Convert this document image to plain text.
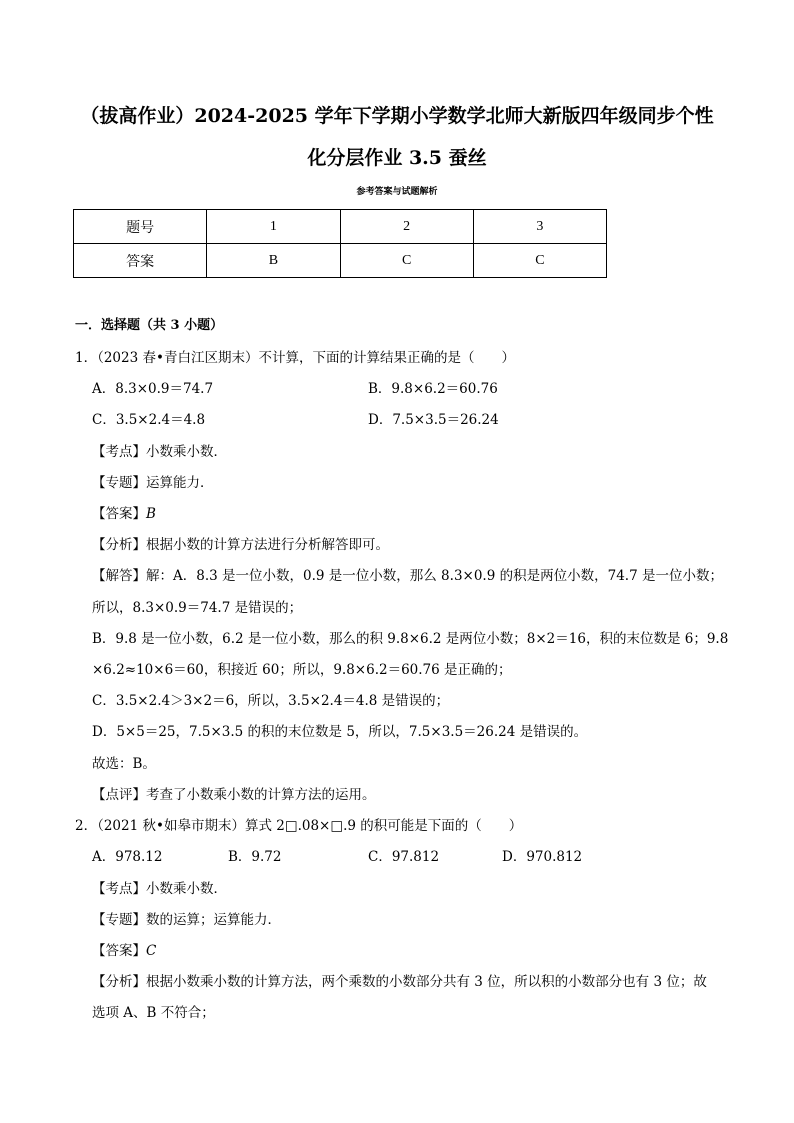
（拔高作业）2024-2025 学年下学期小学数学北师大新版四年级同步个性
化分层作业 3.5 蚕丝
参考答案与试题解析
题号	1	2	3
答案	B	C	C
一．选择题（共 3 小题）
1．（2023 春•青白江区期末）不计算，下面的计算结果正确的是（　　）
A．8.3×0.9＝74.7	B．9.8×6.2＝60.76
C．3.5×2.4＝4.8	D．7.5×3.5＝26.24
【考点】小数乘小数．
【专题】运算能力．
【答案】B
【分析】根据小数的计算方法进行分析解答即可。
【解答】解：A．8.3 是一位小数，0.9 是一位小数，那么 8.3×0.9 的积是两位小数，74.7 是一位小数；
所以，8.3×0.9＝74.7 是错误的；
B．9.8 是一位小数，6.2 是一位小数，那么的积 9.8×6.2 是两位小数；8×2＝16，积的末位数是 6；9.8
×6.2≈10×6＝60，积接近 60；所以，9.8×6.2＝60.76 是正确的；
C．3.5×2.4＞3×2＝6，所以，3.5×2.4＝4.8 是错误的；
D．5×5＝25，7.5×3.5 的积的末位数是 5，所以，7.5×3.5＝26.24 是错误的。
故选：B。
【点评】考查了小数乘小数的计算方法的运用。
2．（2021 秋•如皋市期末）算式 2□.08×□.9 的积可能是下面的（　　）
A．978.12	B．9.72	C．97.812	D．970.812
【考点】小数乘小数．
【专题】数的运算；运算能力．
【答案】C
【分析】根据小数乘小数的计算方法，两个乘数的小数部分共有 3 位，所以积的小数部分也有 3 位；故
选项 A、B 不符合；
